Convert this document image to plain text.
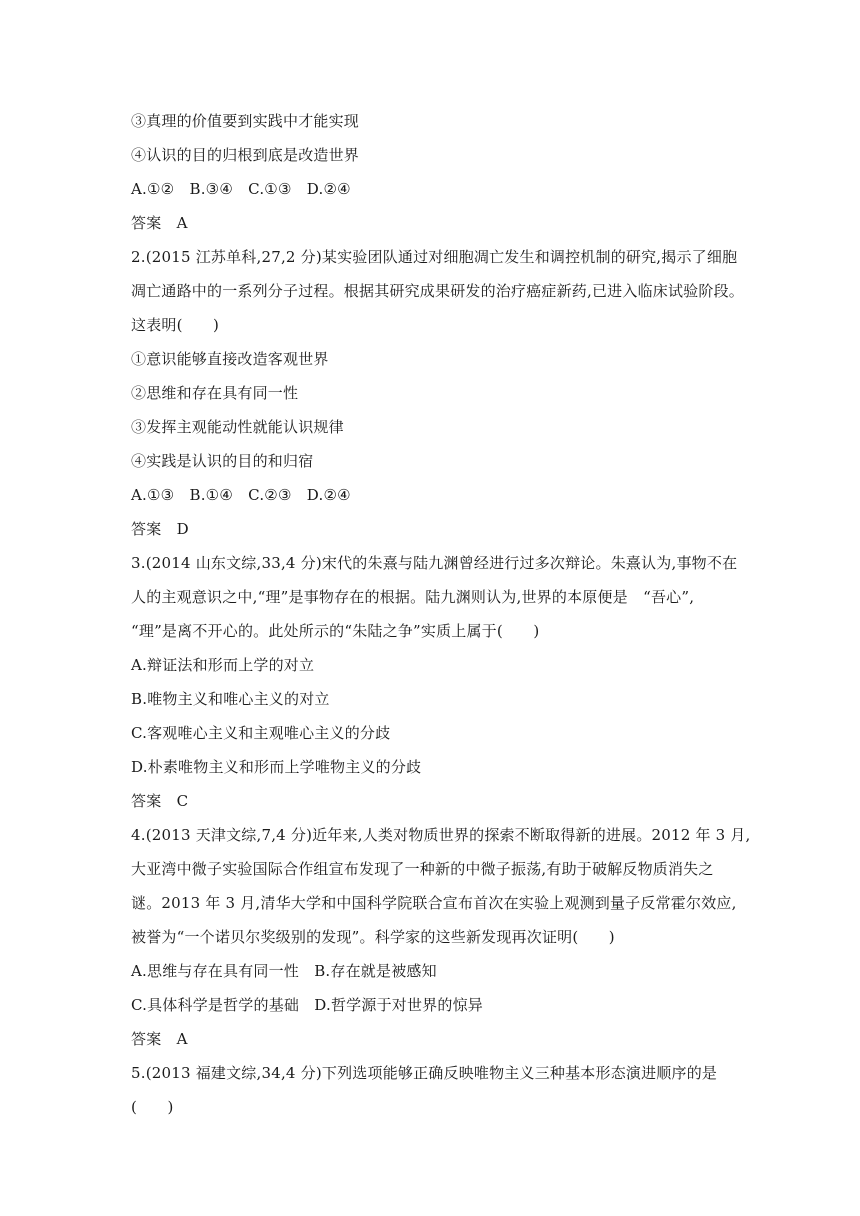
③真理的价值要到实践中才能实现
④认识的目的归根到底是改造世界
A.①②　B.③④　C.①③　D.②④
答案　A
2.(2015 江苏单科,27,2 分)某实验团队通过对细胞凋亡发生和调控机制的研究,揭示了细胞
凋亡通路中的一系列分子过程。根据其研究成果研发的治疗癌症新药,已进入临床试验阶段。
这表明(　　)
①意识能够直接改造客观世界
②思维和存在具有同一性
③发挥主观能动性就能认识规律
④实践是认识的目的和归宿
A.①③　B.①④　C.②③　D.②④
答案　D
3.(2014 山东文综,33,4 分)宋代的朱熹与陆九渊曾经进行过多次辩论。朱熹认为,事物不在
人的主观意识之中,“理”是事物存在的根据。陆九渊则认为,世界的本原便是　“吾心”,
“理”是离不开心的。此处所示的“朱陆之争”实质上属于(　　)
A.辩证法和形而上学的对立
B.唯物主义和唯心主义的对立
C.客观唯心主义和主观唯心主义的分歧
D.朴素唯物主义和形而上学唯物主义的分歧
答案　C
4.(2013 天津文综,7,4 分)近年来,人类对物质世界的探索不断取得新的进展。2012 年 3 月,
大亚湾中微子实验国际合作组宣布发现了一种新的中微子振荡,有助于破解反物质消失之
谜。2013 年 3 月,清华大学和中国科学院联合宣布首次在实验上观测到量子反常霍尔效应,
被誉为“一个诺贝尔奖级别的发现”。科学家的这些新发现再次证明(　　)
A.思维与存在具有同一性　B.存在就是被感知
C.具体科学是哲学的基础　D.哲学源于对世界的惊异
答案　A
5.(2013 福建文综,34,4 分)下列选项能够正确反映唯物主义三种基本形态演进顺序的是
(　　)
